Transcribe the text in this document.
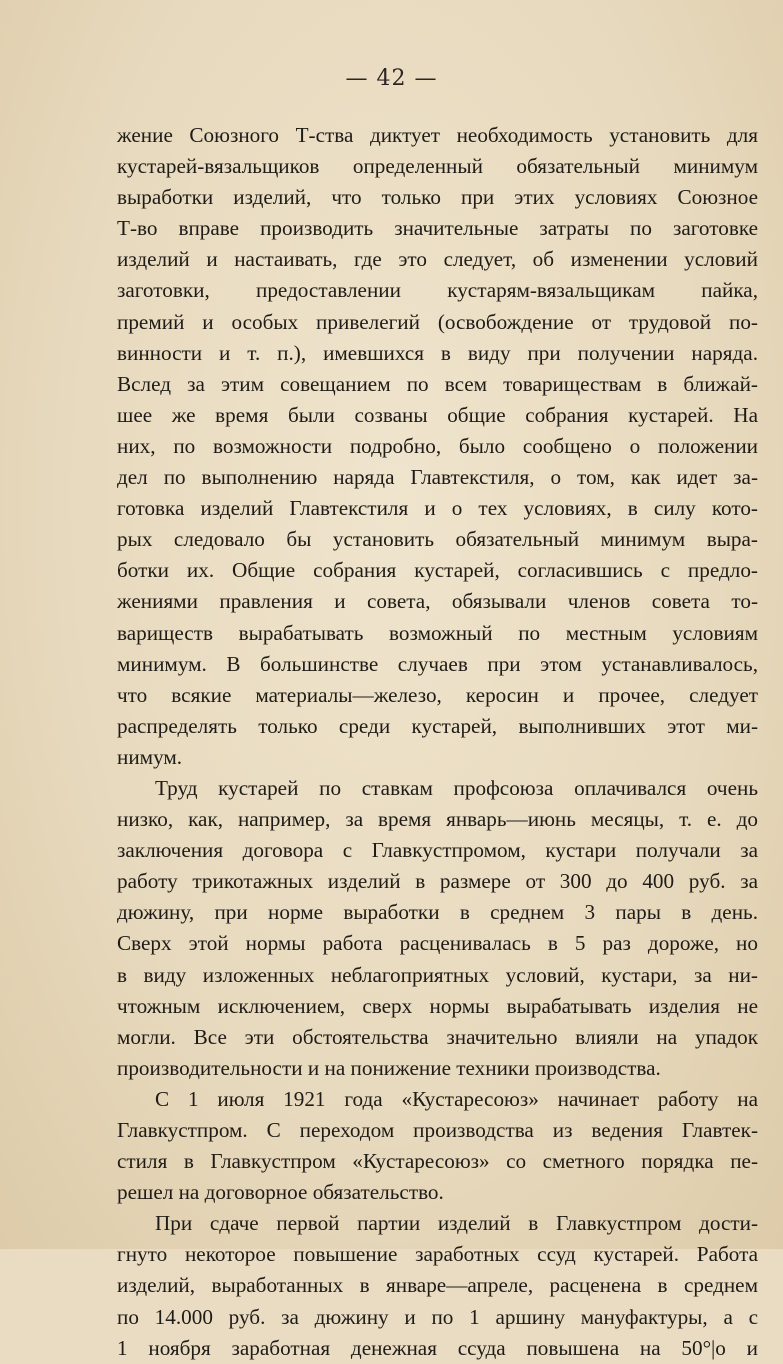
— 42 —
жение Союзного Т-ства диктует необходимость установить для
кустарей-вязальщиков определенный обязательный минимум
выработки изделий, что только при этих условиях Союзное
Т-во вправе производить значительные затраты по заготовке
изделий и настаивать, где это следует, об изменении условий
заготовки, предоставлении кустарям-вязальщикам пайка,
премий и особых привелегий (освобождение от трудовой по-
винности и т. п.), имевшихся в виду при получении наряда.
Вслед за этим совещанием по всем товариществам в ближай-
шее же время были созваны общие собрания кустарей. На
них, по возможности подробно, было сообщено о положении
дел по выполнению наряда Главтекстиля, о том, как идет за-
готовка изделий Главтекстиля и о тех условиях, в силу кото-
рых следовало бы установить обязательный минимум выра-
ботки их. Общие собрания кустарей, согласившись с предло-
жениями правления и совета, обязывали членов совета то-
вариществ вырабатывать возможный по местным условиям
минимум. В большинстве случаев при этом устанавливалось,
что всякие материалы—железо, керосин и прочее, следует
распределять только среди кустарей, выполнивших этот ми-
нимум.
Труд кустарей по ставкам профсоюза оплачивался очень
низко, как, например, за время январь—июнь месяцы, т. е. до
заключения договора с Главкустпромом, кустари получали за
работу трикотажных изделий в размере от 300 до 400 руб. за
дюжину, при норме выработки в среднем 3 пары в день.
Сверх этой нормы работа расценивалась в 5 раз дороже, но
в виду изложенных неблагоприятных условий, кустари, за ни-
чтожным исключением, сверх нормы вырабатывать изделия не
могли. Все эти обстоятельства значительно влияли на упадок
производительности и на понижение техники производства.
С 1 июля 1921 года «Кустаресоюз» начинает работу на
Главкустпром. С переходом производства из ведения Главтек-
стиля в Главкустпром «Кустаресоюз» со сметного порядка пе-
решел на договорное обязательство.
При сдаче первой партии изделий в Главкустпром дости-
гнуто некоторое повышение заработных ссуд кустарей. Работа
изделий, выработанных в январе—апреле, расценена в среднем
по 14.000 руб. за дюжину и по 1 аршину мануфактуры, а с
1 ноября заработная денежная ссуда повышена на 50°|о и
